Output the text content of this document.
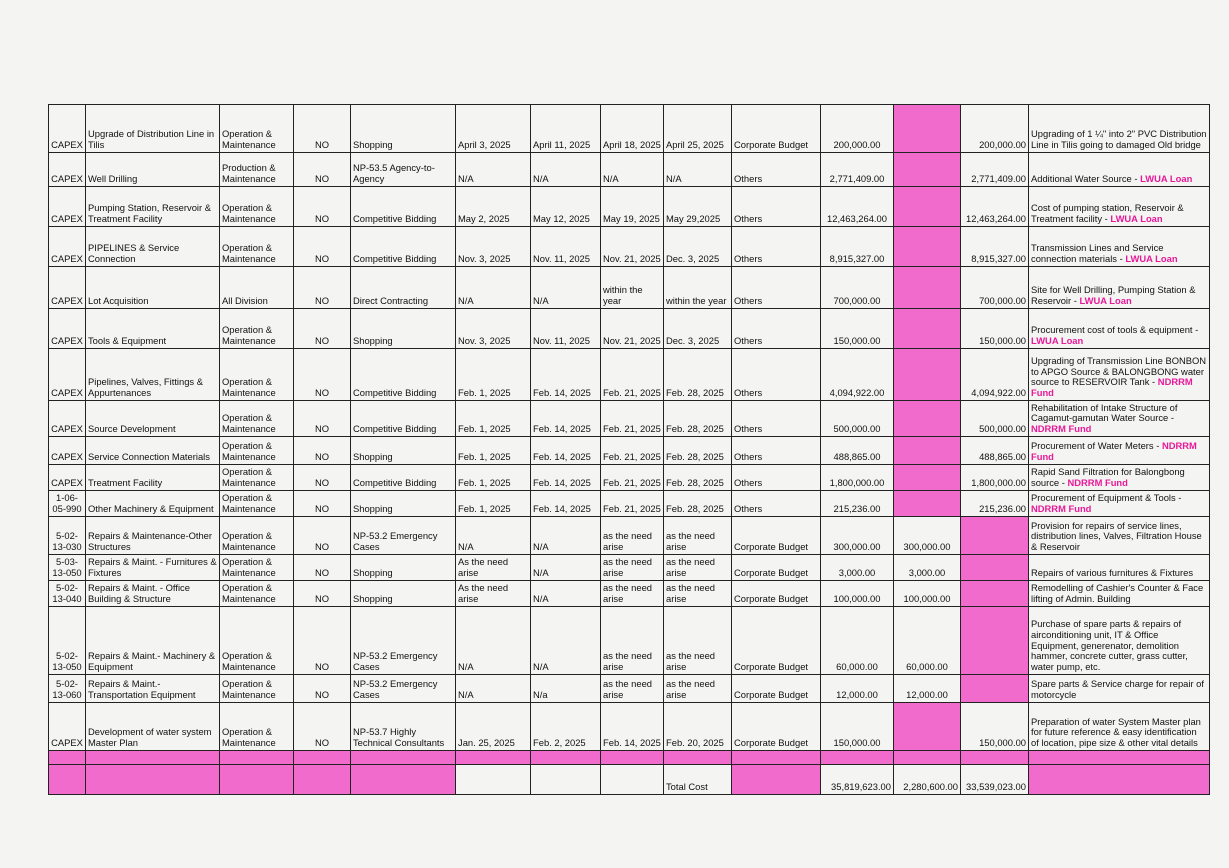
CAPEX	Upgrade of Distribution Line in Tilis	Operation & Maintenance	NO	Shopping	April 3, 2025	April 11, 2025	April 18, 2025	April 25, 2025	Corporate Budget	200,000.00		200,000.00	Upgrading of 1 ¼" into 2" PVC Distribution Line in Tilis going to damaged Old bridge
CAPEX	Well Drilling	Production & Maintenance	NO	NP-53.5 Agency-to-Agency	N/A	N/A	N/A	N/A	Others	2,771,409.00		2,771,409.00	Additional Water Source - LWUA Loan
CAPEX	Pumping Station, Reservoir & Treatment Facility	Operation & Maintenance	NO	Competitive Bidding	May 2, 2025	May 12, 2025	May 19, 2025	May 29,2025	Others	12,463,264.00		12,463,264.00	Cost of pumping station, Reservoir & Treatment facility - LWUA Loan
CAPEX	PIPELINES & Service Connection	Operation & Maintenance	NO	Competitive Bidding	Nov. 3, 2025	Nov. 11, 2025	Nov. 21, 2025	Dec. 3, 2025	Others	8,915,327.00		8,915,327.00	Transmission Lines and Service connection materials - LWUA Loan
CAPEX	Lot Acquisition	All Division	NO	Direct Contracting	N/A	N/A	within the year	within the year	Others	700,000.00		700,000.00	Site for Well Drilling, Pumping Station & Reservoir - LWUA Loan
CAPEX	Tools & Equipment	Operation & Maintenance	NO	Shopping	Nov. 3, 2025	Nov. 11, 2025	Nov. 21, 2025	Dec. 3, 2025	Others	150,000.00		150,000.00	Procurement cost of tools & equipment - LWUA Loan
CAPEX	Pipelines, Valves, Fittings & Appurtenances	Operation & Maintenance	NO	Competitive Bidding	Feb. 1, 2025	Feb. 14, 2025	Feb. 21, 2025	Feb. 28, 2025	Others	4,094,922.00		4,094,922.00	Upgrading of Transmission Line BONBON to APGO Source & BALONGBONG water source to RESERVOIR Tank - NDRRM Fund
CAPEX	Source Development	Operation & Maintenance	NO	Competitive Bidding	Feb. 1, 2025	Feb. 14, 2025	Feb. 21, 2025	Feb. 28, 2025	Others	500,000.00		500,000.00	Rehabilitation of Intake Structure of Cagamut-gamutan Water Source - NDRRM Fund
CAPEX	Service Connection Materials	Operation & Maintenance	NO	Shopping	Feb. 1, 2025	Feb. 14, 2025	Feb. 21, 2025	Feb. 28, 2025	Others	488,865.00		488,865.00	Procurement of Water Meters - NDRRM Fund
CAPEX	Treatment Facility	Operation & Maintenance	NO	Competitive Bidding	Feb. 1, 2025	Feb. 14, 2025	Feb. 21, 2025	Feb. 28, 2025	Others	1,800,000.00		1,800,000.00	Rapid Sand Filtration for Balongbong source - NDRRM Fund
1-06-05-990	Other Machinery & Equipment	Operation & Maintenance	NO	Shopping	Feb. 1, 2025	Feb. 14, 2025	Feb. 21, 2025	Feb. 28, 2025	Others	215,236.00		215,236.00	Procurement of Equipment & Tools - NDRRM Fund
5-02-13-030	Repairs & Maintenance-Other Structures	Operation & Maintenance	NO	NP-53.2 Emergency Cases	N/A	N/A	as the need arise	as the need arise	Corporate Budget	300,000.00	300,000.00		Provision for repairs of service lines, distribution lines, Valves, Filtration House & Reservoir
5-03-13-050	Repairs & Maint. - Furnitures & Fixtures	Operation & Maintenance	NO	Shopping	As the need arise	N/A	as the need arise	as the need arise	Corporate Budget	3,000.00	3,000.00		Repairs of various furnitures & Fixtures
5-02-13-040	Repairs & Maint. - Office Building & Structure	Operation & Maintenance	NO	Shopping	As the need arise	N/A	as the need arise	as the need arise	Corporate Budget	100,000.00	100,000.00		Remodelling of Cashier's Counter & Face lifting of Admin. Building
5-02-13-050	Repairs & Maint.- Machinery & Equipment	Operation & Maintenance	NO	NP-53.2 Emergency Cases	N/A	N/A	as the need arise	as the need arise	Corporate Budget	60,000.00	60,000.00		Purchase of spare parts & repairs of airconditioning unit, IT & Office Equipment, generenator, demolition hammer, concrete cutter, grass cutter, water pump, etc.
5-02-13-060	Repairs & Maint.- Transportation Equipment	Operation & Maintenance	NO	NP-53.2 Emergency Cases	N/A	N/a	as the need arise	as the need arise	Corporate Budget	12,000.00	12,000.00		Spare parts & Service charge for repair of motorcycle
CAPEX	Development of water system Master Plan	Operation & Maintenance	NO	NP-53.7 Highly Technical Consultants	Jan. 25, 2025	Feb. 2, 2025	Feb. 14, 2025	Feb. 20, 2025	Corporate Budget	150,000.00		150,000.00	Preparation of water System Master plan for future reference & easy identification of location, pipe size & other vital details

								Total Cost		35,819,623.00	2,280,600.00	33,539,023.00	
